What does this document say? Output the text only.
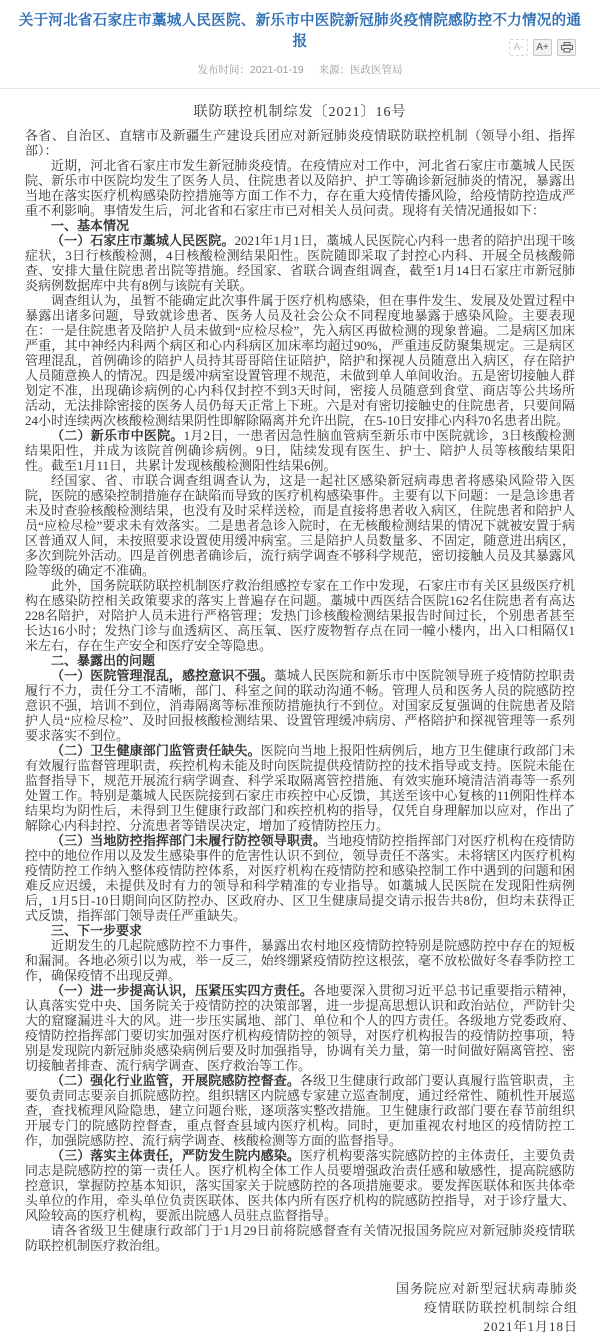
关于河北省石家庄市藁城人民医院、新乐市中医院新冠肺炎疫情院感防控不力情况的通报
发布时间：2021-01-19 来源：医政医管局
A-	A+
联防联控机制综发〔2021〕16号

各省、自治区、直辖市及新疆生产建设兵团应对新冠肺炎疫情联防联控机制（领导小组、指挥部）：

近期，河北省石家庄市发生新冠肺炎疫情。在疫情应对工作中，河北省石家庄市藁城人民医院、新乐市中医院均发生了医务人员、住院患者以及陪护、护工等确诊新冠肺炎的情况，暴露出当地在落实医疗机构感染防控措施等方面工作不力，存在重大疫情传播风险，给疫情防控造成严重不利影响。事情发生后，河北省和石家庄市已对相关人员问责。现将有关情况通报如下：

一、基本情况

（一）石家庄市藁城人民医院。2021年1月1日，藁城人民医院心内科一患者的陪护出现干咳症状，3日行核酸检测，4日核酸检测结果阳性。医院随即采取了封控心内科、开展全员核酸筛查、安排大量住院患者出院等措施。经国家、省联合调查组调查，截至1月14日石家庄市新冠肺炎病例数据库中共有8例与该院有关联。

调查组认为，虽暂不能确定此次事件属于医疗机构感染，但在事件发生、发展及处置过程中暴露出诸多问题，导致就诊患者、医务人员及社会公众不同程度地暴露于感染风险。主要表现在：一是住院患者及陪护人员未做到“应检尽检”，先入病区再做检测的现象普遍。二是病区加床严重，其中神经内科两个病区和心内科病区加床率均超过90%，严重违反防聚集规定。三是病区管理混乱，首例确诊的陪护人员持其哥哥陪住证陪护，陪护和探视人员随意出入病区，存在陪护人员随意换人的情况。四是缓冲病室设置管理不规范，未做到单人单间收治。五是密切接触人群划定不准，出现确诊病例的心内科仅封控不到3天时间，密接人员随意到食堂、商店等公共场所活动，无法排除密接的医务人员仍每天正常上下班。六是对有密切接触史的住院患者，只要间隔24小时连续两次核酸检测结果阴性即解除隔离并允许出院，在5-10日安排心内科70名患者出院。

（二）新乐市中医院。1月2日，一患者因急性脑血管病至新乐市中医院就诊，3日核酸检测结果阳性，并成为该院首例确诊病例。9日，陆续发现有医生、护士、陪护人员等核酸结果阳性。截至1月11日，共累计发现核酸检测阳性结果6例。

经国家、省、市联合调查组调查认为，这是一起社区感染新冠病毒患者将感染风险带入医院，医院的感染控制措施存在缺陷而导致的医疗机构感染事件。主要有以下问题：一是急诊患者未及时查验核酸检测结果，也没有及时采样送检，而是直接将患者收入病区，住院患者和陪护人员“应检尽检”要求未有效落实。二是患者急诊入院时，在无核酸检测结果的情况下就被安置于病区普通双人间，未按照要求设置使用缓冲病室。三是陪护人员数量多、不固定，随意进出病区，多次到院外活动。四是首例患者确诊后，流行病学调查不够科学规范，密切接触人员及其暴露风险等级的确定不准确。

此外，国务院联防联控机制医疗救治组感控专家在工作中发现，石家庄市有关区县级医疗机构在感染防控相关政策要求的落实上普遍存在问题。藁城中西医结合医院162名住院患者有高达228名陪护，对陪护人员未进行严格管理；发热门诊核酸检测结果报告时间过长，个别患者甚至长达16小时；发热门诊与血透病区、高压氧、医疗废物暂存点在同一幢小楼内，出入口相隔仅1米左右，存在生产安全和医疗安全等隐患。

二、暴露出的问题

（一）医院管理混乱，感控意识不强。藁城人民医院和新乐市中医院领导班子疫情防控职责履行不力，责任分工不清晰，部门、科室之间的联动沟通不畅。管理人员和医务人员的院感防控意识不强，培训不到位，消毒隔离等标准预防措施执行不到位。对国家反复强调的住院患者及陪护人员“应检尽检”、及时回报核酸检测结果、设置管理缓冲病房、严格陪护和探视管理等一系列要求落实不到位。

（二）卫生健康部门监管责任缺失。医院向当地上报阳性病例后，地方卫生健康行政部门未有效履行监督管理职责，疾控机构未能及时向医院提供疫情防控的技术指导或支持。医院未能在监督指导下，规范开展流行病学调查、科学采取隔离管控措施、有效实施环境清洁消毒等一系列处置工作。特别是藁城人民医院接到石家庄市疾控中心反馈，其送至该中心复核的11例阳性样本结果均为阴性后，未得到卫生健康行政部门和疾控机构的指导，仅凭自身理解加以应对，作出了解除心内科封控、分流患者等错误决定，增加了疫情防控压力。

（三）当地防控指挥部门未履行防控领导职责。当地疫情防控指挥部门对医疗机构在疫情防控中的地位作用以及发生感染事件的危害性认识不到位，领导责任不落实。未将辖区内医疗机构疫情防控工作纳入整体疫情防控体系，对医疗机构在疫情防控和感染控制工作中遇到的问题和困难反应迟缓，未提供及时有力的领导和科学精准的专业指导。如藁城人民医院在发现阳性病例后，1月5日-10日期间向区防控办、区政府办、区卫生健康局提交请示报告共8份，但均未获得正式反馈，指挥部门领导责任严重缺失。

三、下一步要求

近期发生的几起院感防控不力事件，暴露出农村地区疫情防控特别是院感防控中存在的短板和漏洞。各地必须引以为戒，举一反三，始终绷紧疫情防控这根弦，毫不放松做好冬春季防控工作，确保疫情不出现反弹。

（一）进一步提高认识，压紧压实四方责任。各地要深入贯彻习近平总书记重要指示精神，认真落实党中央、国务院关于疫情防控的决策部署，进一步提高思想认识和政治站位，严防针尖大的窟窿漏进斗大的风。进一步压实属地、部门、单位和个人的四方责任。各级地方党委政府、疫情防控指挥部门要切实加强对医疗机构疫情防控的领导，对医疗机构报告的疫情防控事项，特别是发现院内新冠肺炎感染病例后要及时加强指导，协调有关力量，第一时间做好隔离管控、密切接触者排查、流行病学调查、医疗救治等工作。

（二）强化行业监管，开展院感防控督查。各级卫生健康行政部门要认真履行监管职责，主要负责同志要亲自抓院感防控。组织辖区内院感专家建立巡查制度，通过经常性、随机性开展巡查，查找梳理风险隐患，建立问题台账，逐项落实整改措施。卫生健康行政部门要在春节前组织开展专门的院感防控督查，重点督查县域内医疗机构。同时，更加重视农村地区的疫情防控工作，加强院感防控、流行病学调查、核酸检测等方面的监督指导。

（三）落实主体责任，严防发生院内感染。医疗机构要落实院感防控的主体责任，主要负责同志是院感防控的第一责任人。医疗机构全体工作人员要增强政治责任感和敏感性，提高院感防控意识，掌握防控基本知识，落实国家关于院感防控的各项措施要求。要发挥医联体和医共体牵头单位的作用，牵头单位负责医联体、医共体内所有医疗机构的院感防控指导，对于诊疗量大、风险较高的医疗机构，要派出院感人员驻点监督指导。

请各省级卫生健康行政部门于1月29日前将院感督查有关情况报国务院应对新冠肺炎疫情联防联控机制医疗救治组。

国务院应对新型冠状病毒肺炎
疫情联防联控机制综合组
2021年1月18日
